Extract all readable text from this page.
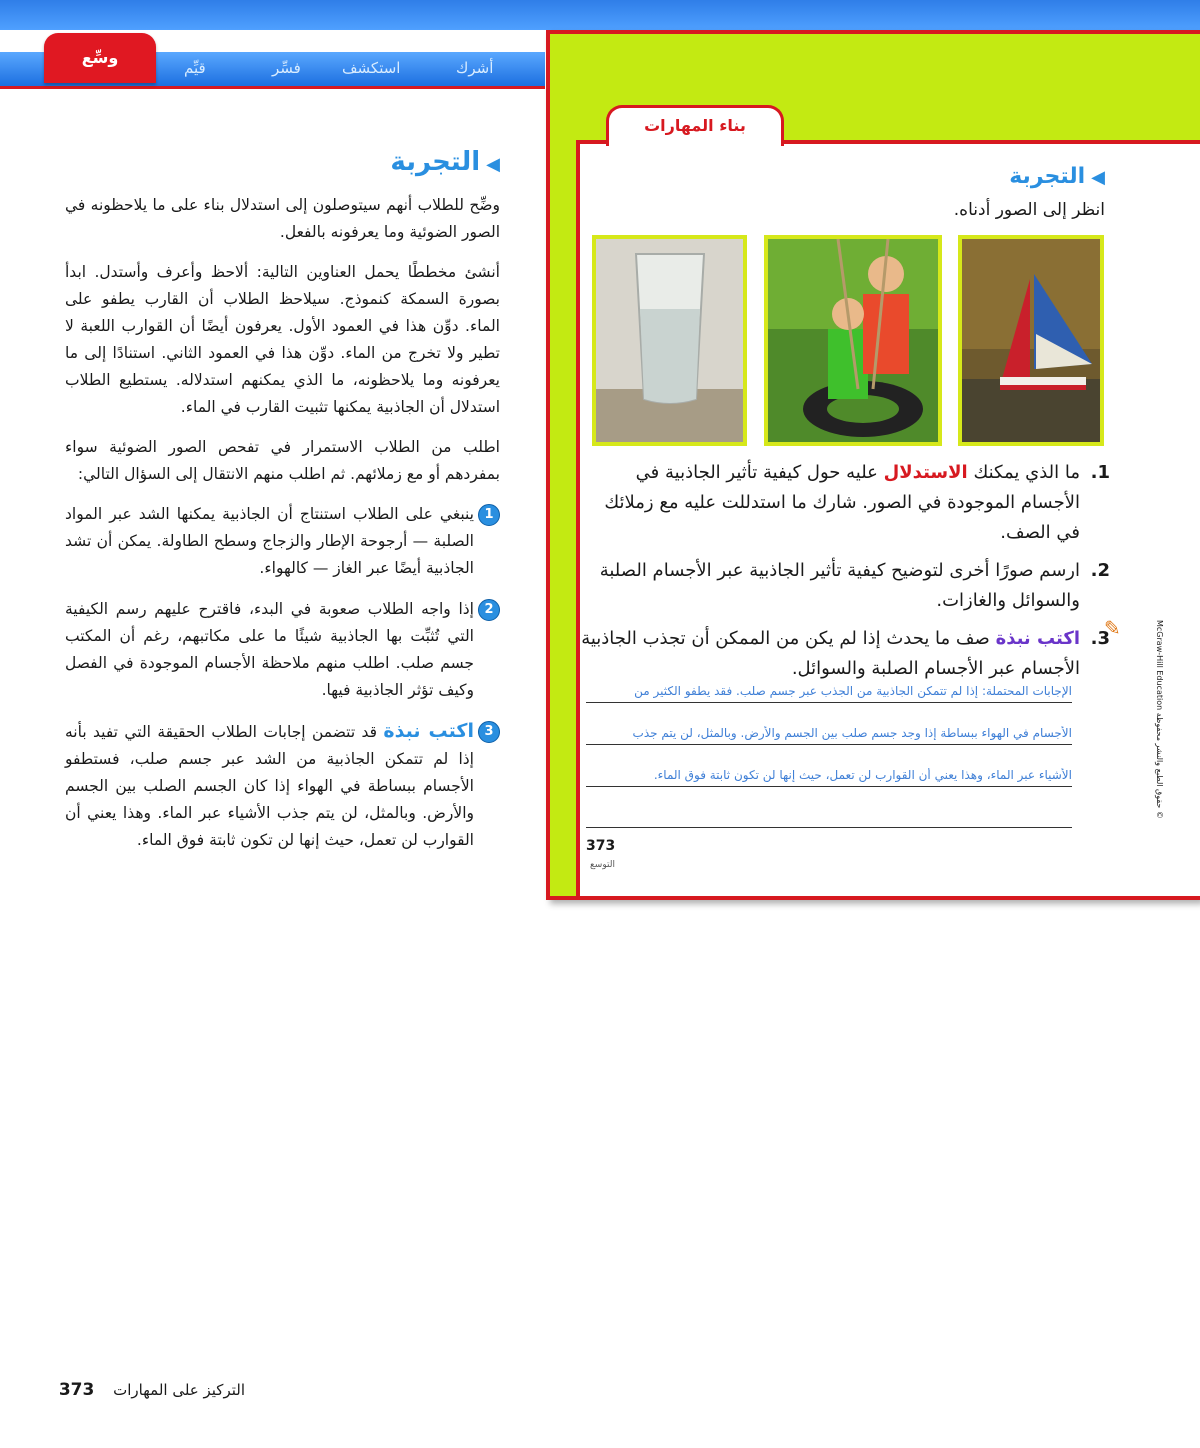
أشرك
استكشف
فسِّر
قيِّم
وسِّع
◀التجربة

وضِّح للطلاب أنهم سيتوصلون إلى استدلال بناء على ما يلاحظونه في الصور الضوئية وما يعرفونه بالفعل.

أنشئ مخططًا يحمل العناوين التالية: ألاحظ وأعرف وأستدل. ابدأ بصورة السمكة كنموذج. سيلاحظ الطلاب أن القارب يطفو على الماء. دوِّن هذا في العمود الأول. يعرفون أيضًا أن القوارب اللعبة لا تطير ولا تخرج من الماء. دوِّن هذا في العمود الثاني. استنادًا إلى ما يعرفونه وما يلاحظونه، ما الذي يمكنهم استدلاله. يستطيع الطلاب استدلال أن الجاذبية يمكنها تثبيت القارب في الماء.

اطلب من الطلاب الاستمرار في تفحص الصور الضوئية سواء بمفردهم أو مع زملائهم. ثم اطلب منهم الانتقال إلى السؤال التالي:

1
ينبغي على الطلاب استنتاج أن الجاذبية يمكنها الشد عبر المواد الصلبة — أرجوحة الإطار والزجاج وسطح الطاولة. يمكن أن تشد الجاذبية أيضًا عبر الغاز — كالهواء.
2
إذا واجه الطلاب صعوبة في البدء، فاقترح عليهم رسم الكيفية التي تُثبِّت بها الجاذبية شيئًا ما على مكاتبهم، رغم أن المكتب جسم صلب. اطلب منهم ملاحظة الأجسام الموجودة في الفصل وكيف تؤثر الجاذبية فيها.
3
اكتب نبذة قد تتضمن إجابات الطلاب الحقيقة التي تفيد بأنه إذا لم تتمكن الجاذبية من الشد عبر جسم صلب، فستطفو الأجسام ببساطة في الهواء إذا كان الجسم الصلب بين الجسم والأرض. وبالمثل، لن يتم جذب الأشياء عبر الماء. وهذا يعني أن القوارب لن تعمل، حيث إنها لن تكون ثابتة فوق الماء.
بناء المهارات
◀التجربة
انظر إلى الصور أدناه.
1.
ما الذي يمكنك الاستدلال عليه حول كيفية تأثير الجاذبية في الأجسام الموجودة في الصور. شارك ما استدللت عليه مع زملائك في الصف.
2.
ارسم صورًا أخرى لتوضيح كيفية تأثير الجاذبية عبر الأجسام الصلبة والسوائل والغازات.
3.
اكتب نبذة صف ما يحدث إذا لم يكن من الممكن أن تجذب الجاذبية الأجسام عبر الأجسام الصلبة والسوائل.
✎
الإجابات المحتملة: إذا لم تتمكن الجاذبية من الجذب عبر جسم صلب. فقد يطفو الكثير من
الأجسام في الهواء ببساطة إذا وجد جسم صلب بين الجسم والأرض. وبالمثل، لن يتم جذب
الأشياء عبر الماء، وهذا يعني أن القوارب لن تعمل، حيث إنها لن تكون ثابتة فوق الماء.
373
التوسع
McGraw-Hill Education حقوق الطبع والنشر محفوظة ©
التركيز على المهارات 373
